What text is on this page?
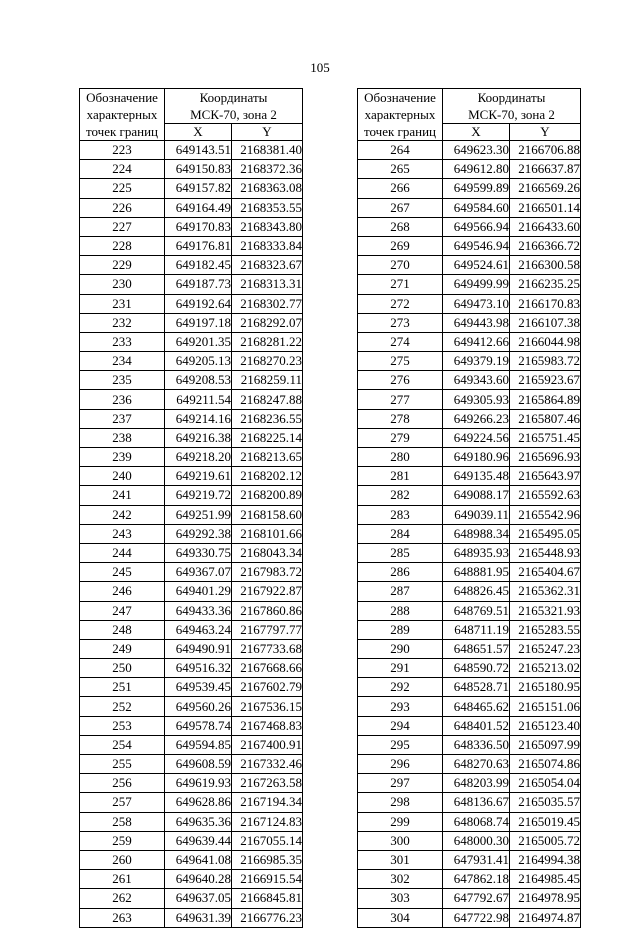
105
Обозначение
характерных
точек границ	Координаты
МСК-70, зона 2	
	X	Y
223	649143.51	2168381.40
224	649150.83	2168372.36
225	649157.82	2168363.08
226	649164.49	2168353.55
227	649170.83	2168343.80
228	649176.81	2168333.84
229	649182.45	2168323.67
230	649187.73	2168313.31
231	649192.64	2168302.77
232	649197.18	2168292.07
233	649201.35	2168281.22
234	649205.13	2168270.23
235	649208.53	2168259.11
236	649211.54	2168247.88
237	649214.16	2168236.55
238	649216.38	2168225.14
239	649218.20	2168213.65
240	649219.61	2168202.12
241	649219.72	2168200.89
242	649251.99	2168158.60
243	649292.38	2168101.66
244	649330.75	2168043.34
245	649367.07	2167983.72
246	649401.29	2167922.87
247	649433.36	2167860.86
248	649463.24	2167797.77
249	649490.91	2167733.68
250	649516.32	2167668.66
251	649539.45	2167602.79
252	649560.26	2167536.15
253	649578.74	2167468.83
254	649594.85	2167400.91
255	649608.59	2167332.46
256	649619.93	2167263.58
257	649628.86	2167194.34
258	649635.36	2167124.83
259	649639.44	2167055.14
260	649641.08	2166985.35
261	649640.28	2166915.54
262	649637.05	2166845.81
263	649631.39	2166776.23
Обозначение
характерных
точек границ	Координаты
МСК-70, зона 2	
	X	Y
264	649623.30	2166706.88
265	649612.80	2166637.87
266	649599.89	2166569.26
267	649584.60	2166501.14
268	649566.94	2166433.60
269	649546.94	2166366.72
270	649524.61	2166300.58
271	649499.99	2166235.25
272	649473.10	2166170.83
273	649443.98	2166107.38
274	649412.66	2166044.98
275	649379.19	2165983.72
276	649343.60	2165923.67
277	649305.93	2165864.89
278	649266.23	2165807.46
279	649224.56	2165751.45
280	649180.96	2165696.93
281	649135.48	2165643.97
282	649088.17	2165592.63
283	649039.11	2165542.96
284	648988.34	2165495.05
285	648935.93	2165448.93
286	648881.95	2165404.67
287	648826.45	2165362.31
288	648769.51	2165321.93
289	648711.19	2165283.55
290	648651.57	2165247.23
291	648590.72	2165213.02
292	648528.71	2165180.95
293	648465.62	2165151.06
294	648401.52	2165123.40
295	648336.50	2165097.99
296	648270.63	2165074.86
297	648203.99	2165054.04
298	648136.67	2165035.57
299	648068.74	2165019.45
300	648000.30	2165005.72
301	647931.41	2164994.38
302	647862.18	2164985.45
303	647792.67	2164978.95
304	647722.98	2164974.87
